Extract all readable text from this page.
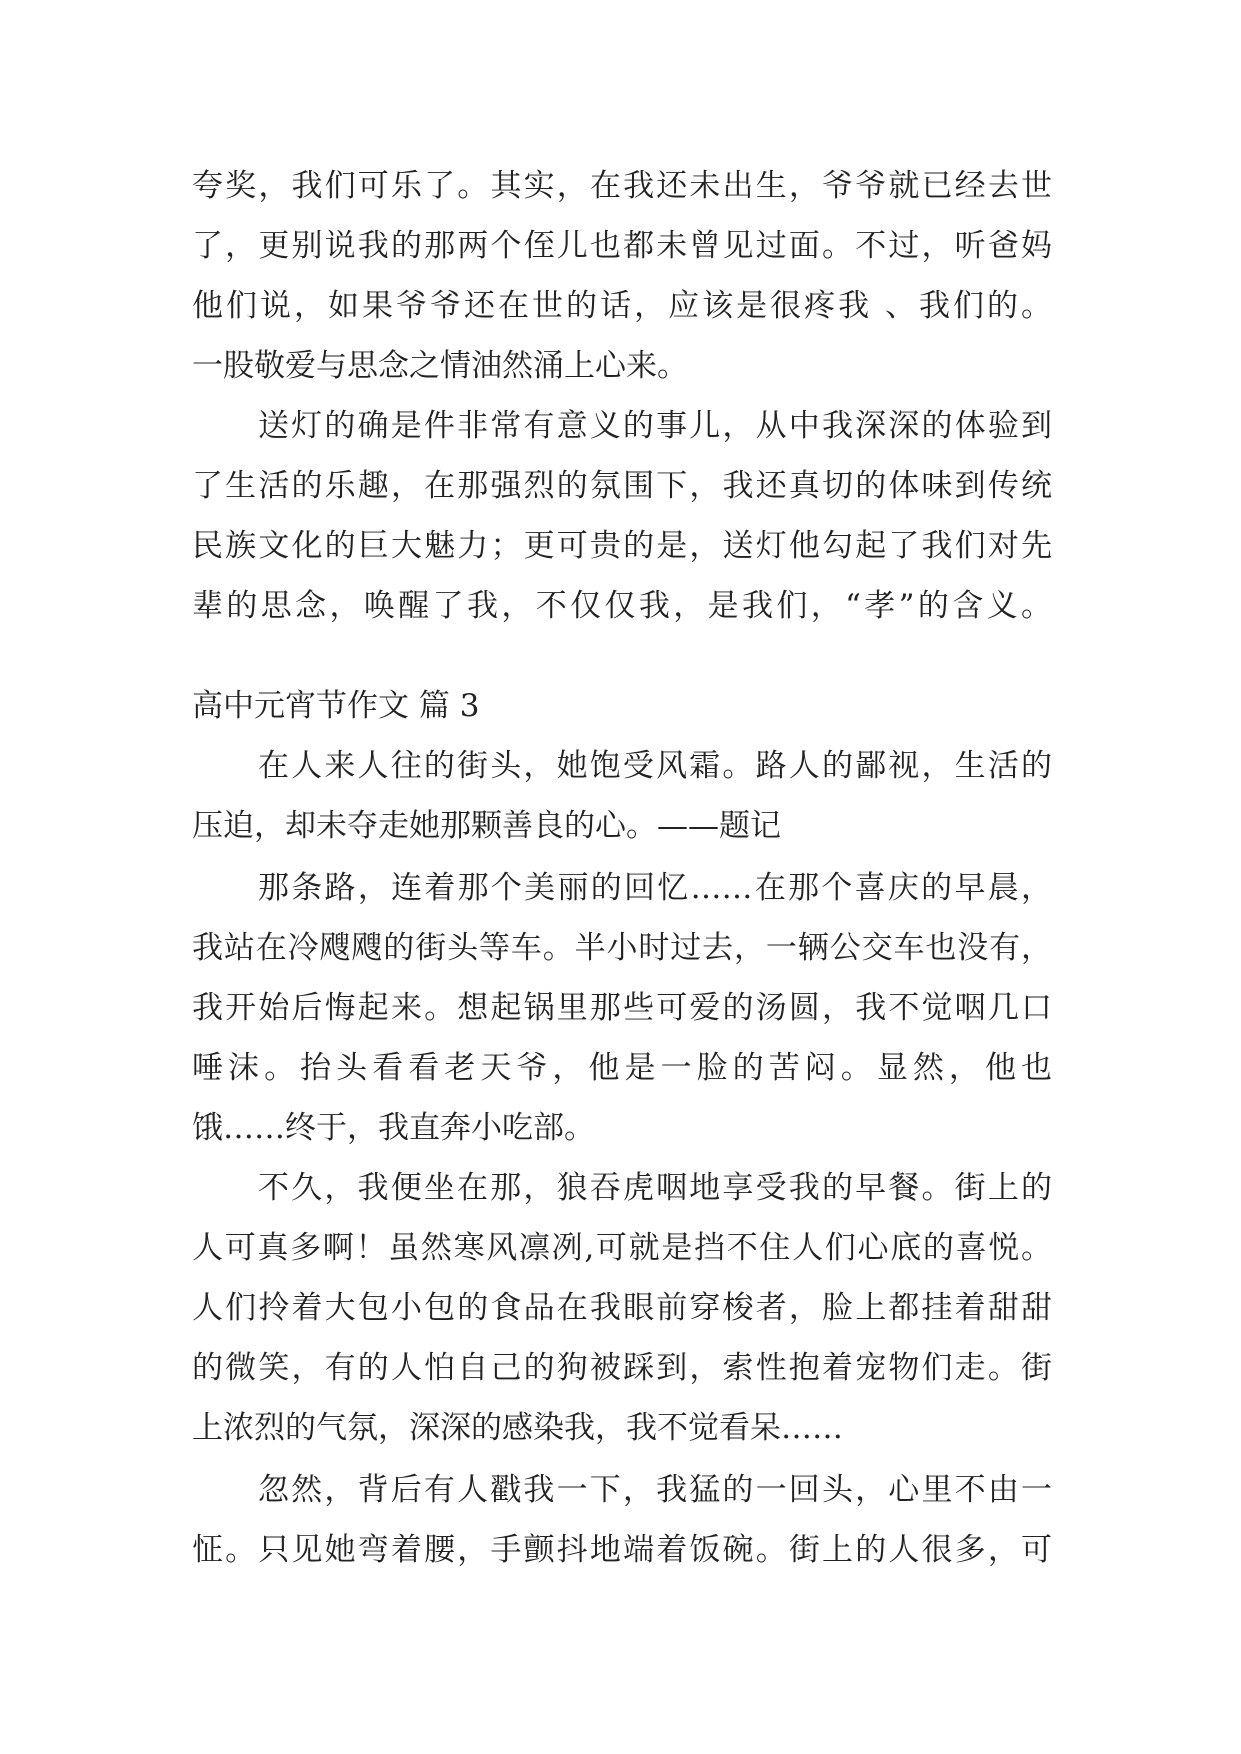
高中元宵节作文 篇 3
夸奖，我们可乐了。其实，在我还未出生，爷爷就已经去世
了，更别说我的那两个侄儿也都未曾见过面。不过，听爸妈
他们说，如果爷爷还在世的话，应该是很疼我 、我们的。
一股敬爱与思念之情油然涌上心来。
送灯的确是件非常有意义的事儿，从中我深深的体验到
了生活的乐趣，在那强烈的氛围下，我还真切的体味到传统
民族文化的巨大魅力；更可贵的是，送灯他勾起了我们对先
辈的思念，唤醒了我，不仅仅我，是我们，“孝”的含义。
在人来人往的街头，她饱受风霜。路人的鄙视，生活的
压迫，却未夺走她那颗善良的心。——题记
那条路，连着那个美丽的回忆……在那个喜庆的早晨，
我站在冷飕飕的街头等车。半小时过去，一辆公交车也没有，
我开始后悔起来。想起锅里那些可爱的汤圆，我不觉咽几口
唾沫。抬头看看老天爷，他是一脸的苦闷。显然，他也
饿……终于，我直奔小吃部。
不久，我便坐在那，狼吞虎咽地享受我的早餐。街上的
人可真多啊！虽然寒风凛冽,可就是挡不住人们心底的喜悦。
人们拎着大包小包的食品在我眼前穿梭者，脸上都挂着甜甜
的微笑，有的人怕自己的狗被踩到，索性抱着宠物们走。街
上浓烈的气氛，深深的感染我，我不觉看呆……
忽然，背后有人戳我一下，我猛的一回头，心里不由一
怔。只见她弯着腰，手颤抖地端着饭碗。街上的人很多，可
